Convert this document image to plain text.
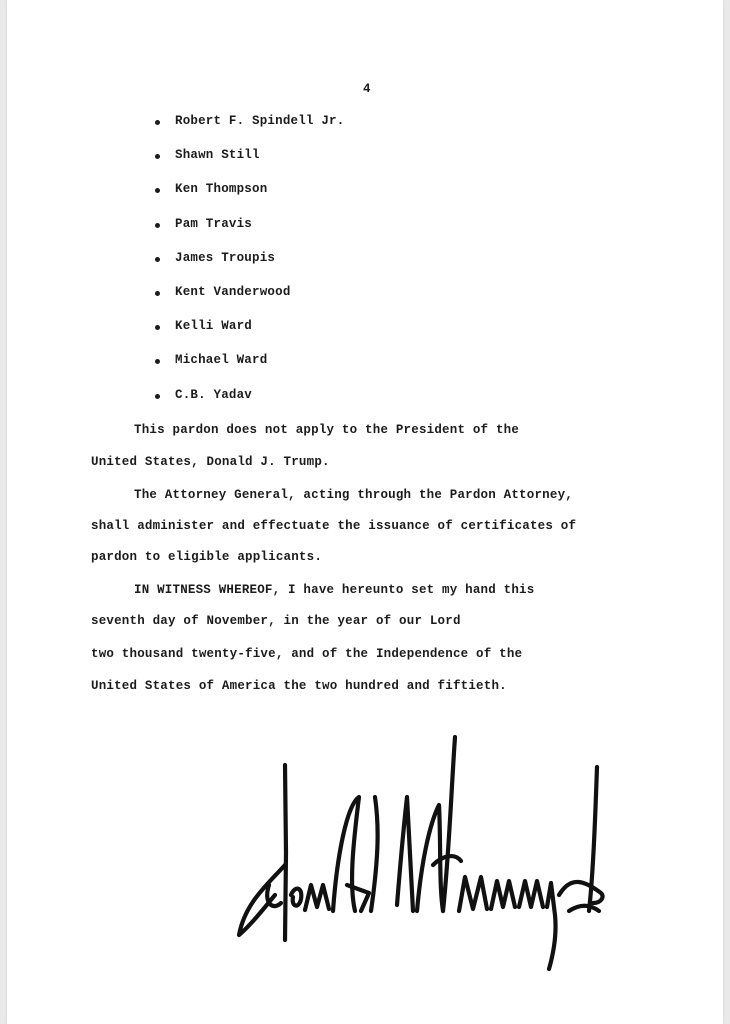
4
Robert F. Spindell Jr.
Shawn Still
Ken Thompson
Pam Travis
James Troupis
Kent Vanderwood
Kelli Ward
Michael Ward
C.B. Yadav
This pardon does not apply to the President of the
United States, Donald J. Trump.
The Attorney General, acting through the Pardon Attorney,
shall administer and effectuate the issuance of certificates of
pardon to eligible applicants.
IN WITNESS WHEREOF, I have hereunto set my hand this
seventh day of November, in the year of our Lord
two thousand twenty-five, and of the Independence of the
United States of America the two hundred and fiftieth.
